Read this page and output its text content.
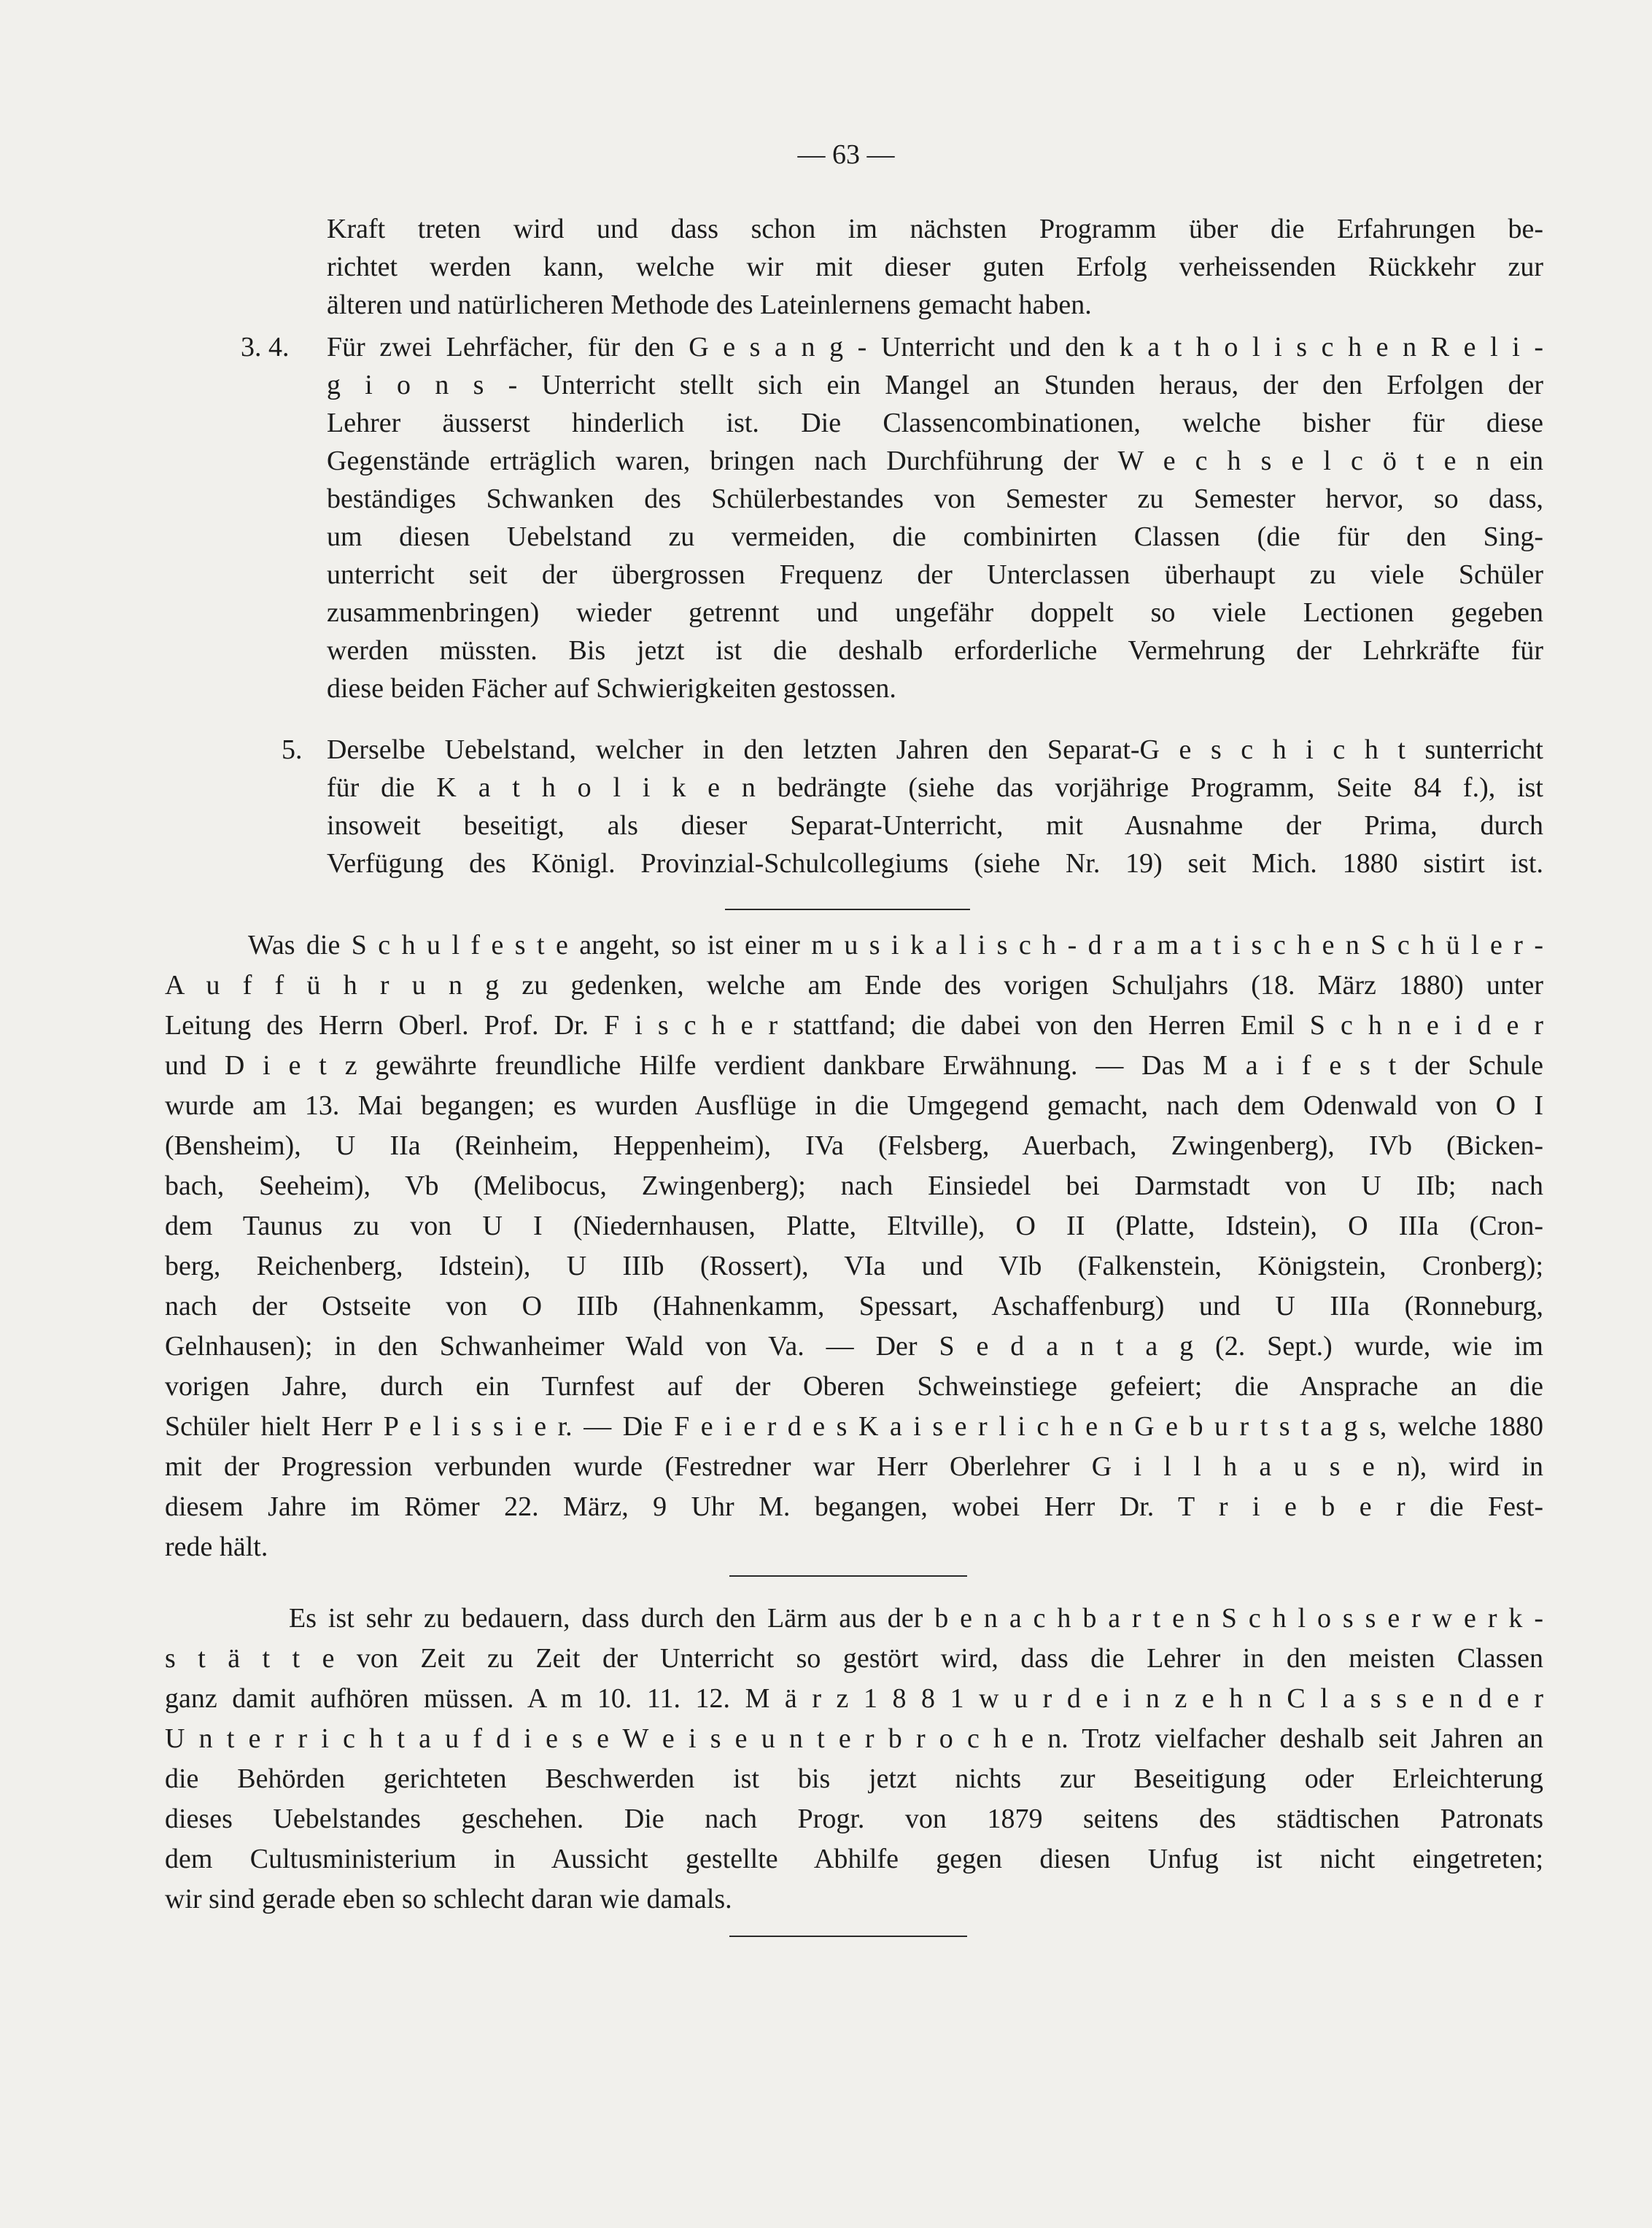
— 63 —
Kraft treten wird und dass schon im nächsten Programm über die Erfahrungen be-
richtet werden kann, welche wir mit dieser guten Erfolg verheissenden Rückkehr zur
älteren und natürlicheren Methode des Lateinlernens gemacht haben.
3. 4. Für zwei Lehrfächer, für den G e s a n g - Unterricht und den k a t h o l i s c h e n R e l i -
g i o n s - Unterricht stellt sich ein Mangel an Stunden heraus, der den Erfolgen der
Lehrer äusserst hinderlich ist. Die Classencombinationen, welche bisher für diese
Gegenstände erträglich waren, bringen nach Durchführung der W e c h s e l c ö t e n ein
beständiges Schwanken des Schülerbestandes von Semester zu Semester hervor, so dass,
um diesen Uebelstand zu vermeiden, die combinirten Classen (die für den Sing-
unterricht seit der übergrossen Frequenz der Unterclassen überhaupt zu viele Schüler
zusammenbringen) wieder getrennt und ungefähr doppelt so viele Lectionen gegeben
werden müssten. Bis jetzt ist die deshalb erforderliche Vermehrung der Lehrkräfte für
diese beiden Fächer auf Schwierigkeiten gestossen.
5. Derselbe Uebelstand, welcher in den letzten Jahren den Separat-G e s c h i c h t sunterricht
für die K a t h o l i k e n bedrängte (siehe das vorjährige Programm, Seite 84 f.), ist
insoweit beseitigt, als dieser Separat-Unterricht, mit Ausnahme der Prima, durch
Verfügung des Königl. Provinzial-Schulcollegiums (siehe Nr. 19) seit Mich. 1880 sistirt ist.
Was die S c h u l f e s t e angeht, so ist einer m u s i k a l i s c h - d r a m a t i s c h e n S c h ü l e r -
A u f f ü h r u n g zu gedenken, welche am Ende des vorigen Schuljahrs (18. März 1880) unter
Leitung des Herrn Oberl. Prof. Dr. F i s c h e r stattfand; die dabei von den Herren Emil S c h n e i d e r
und D i e t z gewährte freundliche Hilfe verdient dankbare Erwähnung. — Das M a i f e s t der Schule
wurde am 13. Mai begangen; es wurden Ausflüge in die Umgegend gemacht, nach dem Odenwald von O I
(Bensheim), U IIa (Reinheim, Heppenheim), IVa (Felsberg, Auerbach, Zwingenberg), IVb (Bicken-
bach, Seeheim), Vb (Melibocus, Zwingenberg); nach Einsiedel bei Darmstadt von U IIb; nach
dem Taunus zu von U I (Niedernhausen, Platte, Eltville), O II (Platte, Idstein), O IIIa (Cron-
berg, Reichenberg, Idstein), U IIIb (Rossert), VIa und VIb (Falkenstein, Königstein, Cronberg);
nach der Ostseite von O IIIb (Hahnenkamm, Spessart, Aschaffenburg) und U IIIa (Ronneburg,
Gelnhausen); in den Schwanheimer Wald von Va. — Der S e d a n t a g (2. Sept.) wurde, wie im
vorigen Jahre, durch ein Turnfest auf der Oberen Schweinstiege gefeiert; die Ansprache an die
Schüler hielt Herr P e l i s s i e r. — Die F e i e r d e s K a i s e r l i c h e n G e b u r t s t a g s, welche 1880
mit der Progression verbunden wurde (Festredner war Herr Oberlehrer G i l l h a u s e n), wird in
diesem Jahre im Römer 22. März, 9 Uhr M. begangen, wobei Herr Dr. T r i e b e r die Fest-
rede hält.
Es ist sehr zu bedauern, dass durch den Lärm aus der b e n a c h b a r t e n S c h l o s s e r w e r k -
s t ä t t e von Zeit zu Zeit der Unterricht so gestört wird, dass die Lehrer in den meisten Classen
ganz damit aufhören müssen. A m 10. 11. 12. M ä r z 1 8 8 1 w u r d e i n z e h n C l a s s e n d e r
U n t e r r i c h t a u f d i e s e W e i s e u n t e r b r o c h e n. Trotz vielfacher deshalb seit Jahren an
die Behörden gerichteten Beschwerden ist bis jetzt nichts zur Beseitigung oder Erleichterung
dieses Uebelstandes geschehen. Die nach Progr. von 1879 seitens des städtischen Patronats
dem Cultusministerium in Aussicht gestellte Abhilfe gegen diesen Unfug ist nicht eingetreten;
wir sind gerade eben so schlecht daran wie damals.
